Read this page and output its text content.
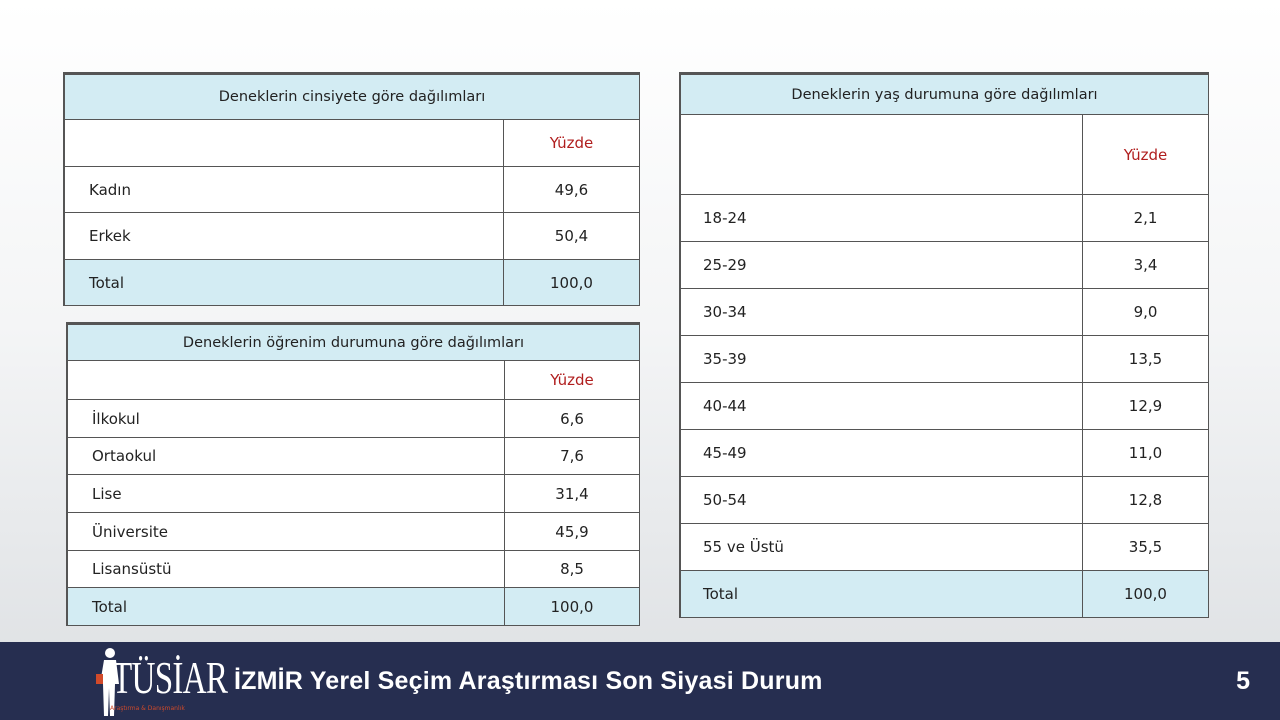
Deneklerin cinsiyete göre dağılımları	
	Yüzde
Kadın	49,6
Erkek	50,4
Total	100,0
Deneklerin öğrenim durumuna göre dağılımları	
	Yüzde
İlkokul	6,6
Ortaokul	7,6
Lise	31,4
Üniversite	45,9
Lisansüstü	8,5
Total	100,0
Deneklerin yaş durumuna göre dağılımları	
	Yüzde
18-24	2,1
25-29	3,4
30-34	9,0
35-39	13,5
40-44	12,9
45-49	11,0
50-54	12,8
55 ve Üstü	35,5
Total	100,0
TÜSİAR
Araştırma & Danışmanlık
İZMİR Yerel Seçim Araştırması Son Siyasi Durum	5
